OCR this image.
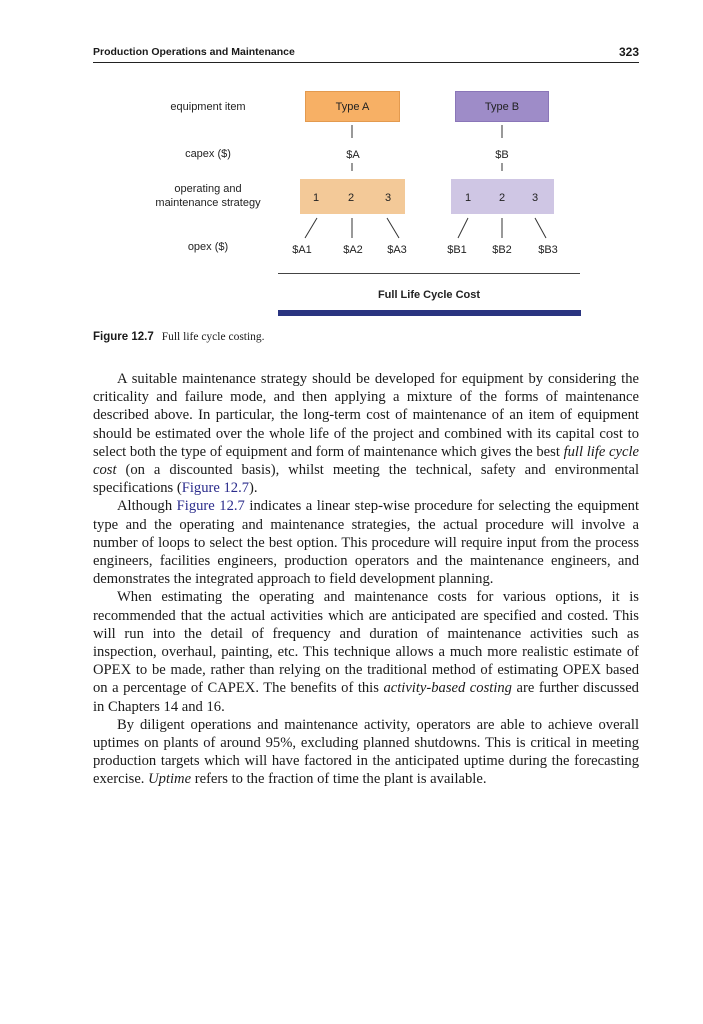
Production Operations and Maintenance	323
equipment item
capex ($)
operating and
maintenance strategy
opex ($)
Type A	Type B
$A	$B
1	2	3	1	2 3
$A1	$A2	$A3	$B1	$B2	$B3
Full Life Cycle Cost
Figure 12.7 Full life cycle costing.

A suitable maintenance strategy should be developed for equipment by considering the criticality and failure mode, and then applying a mixture of the forms of maintenance described above. In particular, the long-term cost of maintenance of an item of equipment should be estimated over the whole life of the project and combined with its capital cost to select both the type of equipment and form of maintenance which gives the best full life cycle cost (on a discounted basis), whilst meeting the technical, safety and environmental specifications (Figure 12.7).

Although Figure 12.7 indicates a linear step-wise procedure for selecting the equipment type and the operating and maintenance strategies, the actual procedure will involve a number of loops to select the best option. This procedure will require input from the process engineers, facilities engineers, production operators and the maintenance engineers, and demonstrates the integrated approach to field development planning.

When estimating the operating and maintenance costs for various options, it is recommended that the actual activities which are anticipated are specified and costed. This will run into the detail of frequency and duration of maintenance activities such as inspection, overhaul, painting, etc. This technique allows a much more realistic estimate of OPEX to be made, rather than relying on the traditional method of estimating OPEX based on a percentage of CAPEX. The benefits of this activity-based costing are further discussed in Chapters 14 and 16.

By diligent operations and maintenance activity, operators are able to achieve overall uptimes on plants of around 95%, excluding planned shutdowns. This is critical in meeting production targets which will have factored in the anticipated uptime during the forecasting exercise. Uptime refers to the fraction of time the plant is available.
